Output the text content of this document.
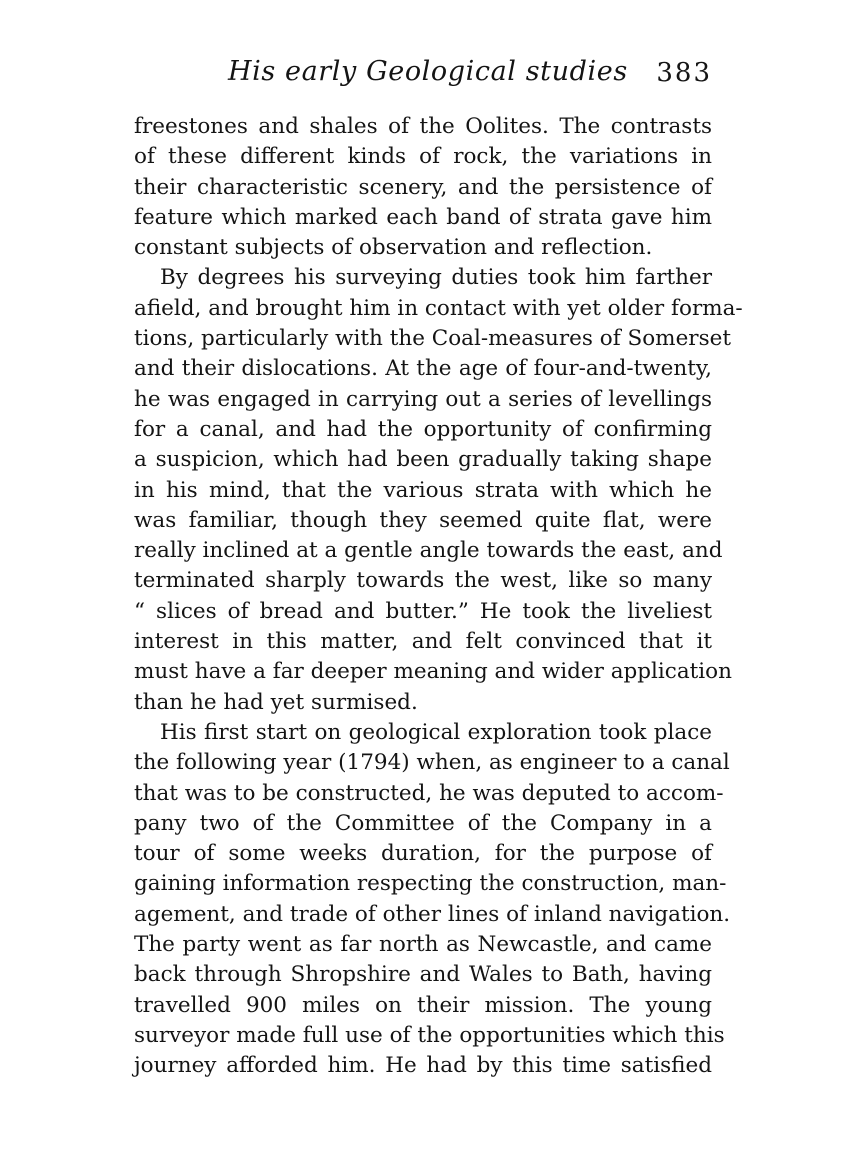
His early Geological studies 383
freestones and shales of the Oolites. The contrasts
of these different kinds of rock, the variations in
their characteristic scenery, and the persistence of
feature which marked each band of strata gave him
constant subjects of observation and reflection.
By degrees his surveying duties took him farther
afield, and brought him in contact with yet older forma-
tions, particularly with the Coal-measures of Somerset
and their dislocations. At the age of four-and-twenty,
he was engaged in carrying out a series of levellings
for a canal, and had the opportunity of confirming
a suspicion, which had been gradually taking shape
in his mind, that the various strata with which he
was familiar, though they seemed quite flat, were
really inclined at a gentle angle towards the east, and
terminated sharply towards the west, like so many
“ slices of bread and butter.” He took the liveliest
interest in this matter, and felt convinced that it
must have a far deeper meaning and wider application
than he had yet surmised.
His first start on geological exploration took place
the following year (1794) when, as engineer to a canal
that was to be constructed, he was deputed to accom-
pany two of the Committee of the Company in a
tour of some weeks duration, for the purpose of
gaining information respecting the construction, man-
agement, and trade of other lines of inland navigation.
The party went as far north as Newcastle, and came
back through Shropshire and Wales to Bath, having
travelled 900 miles on their mission. The young
surveyor made full use of the opportunities which this
journey afforded him. He had by this time satisfied
